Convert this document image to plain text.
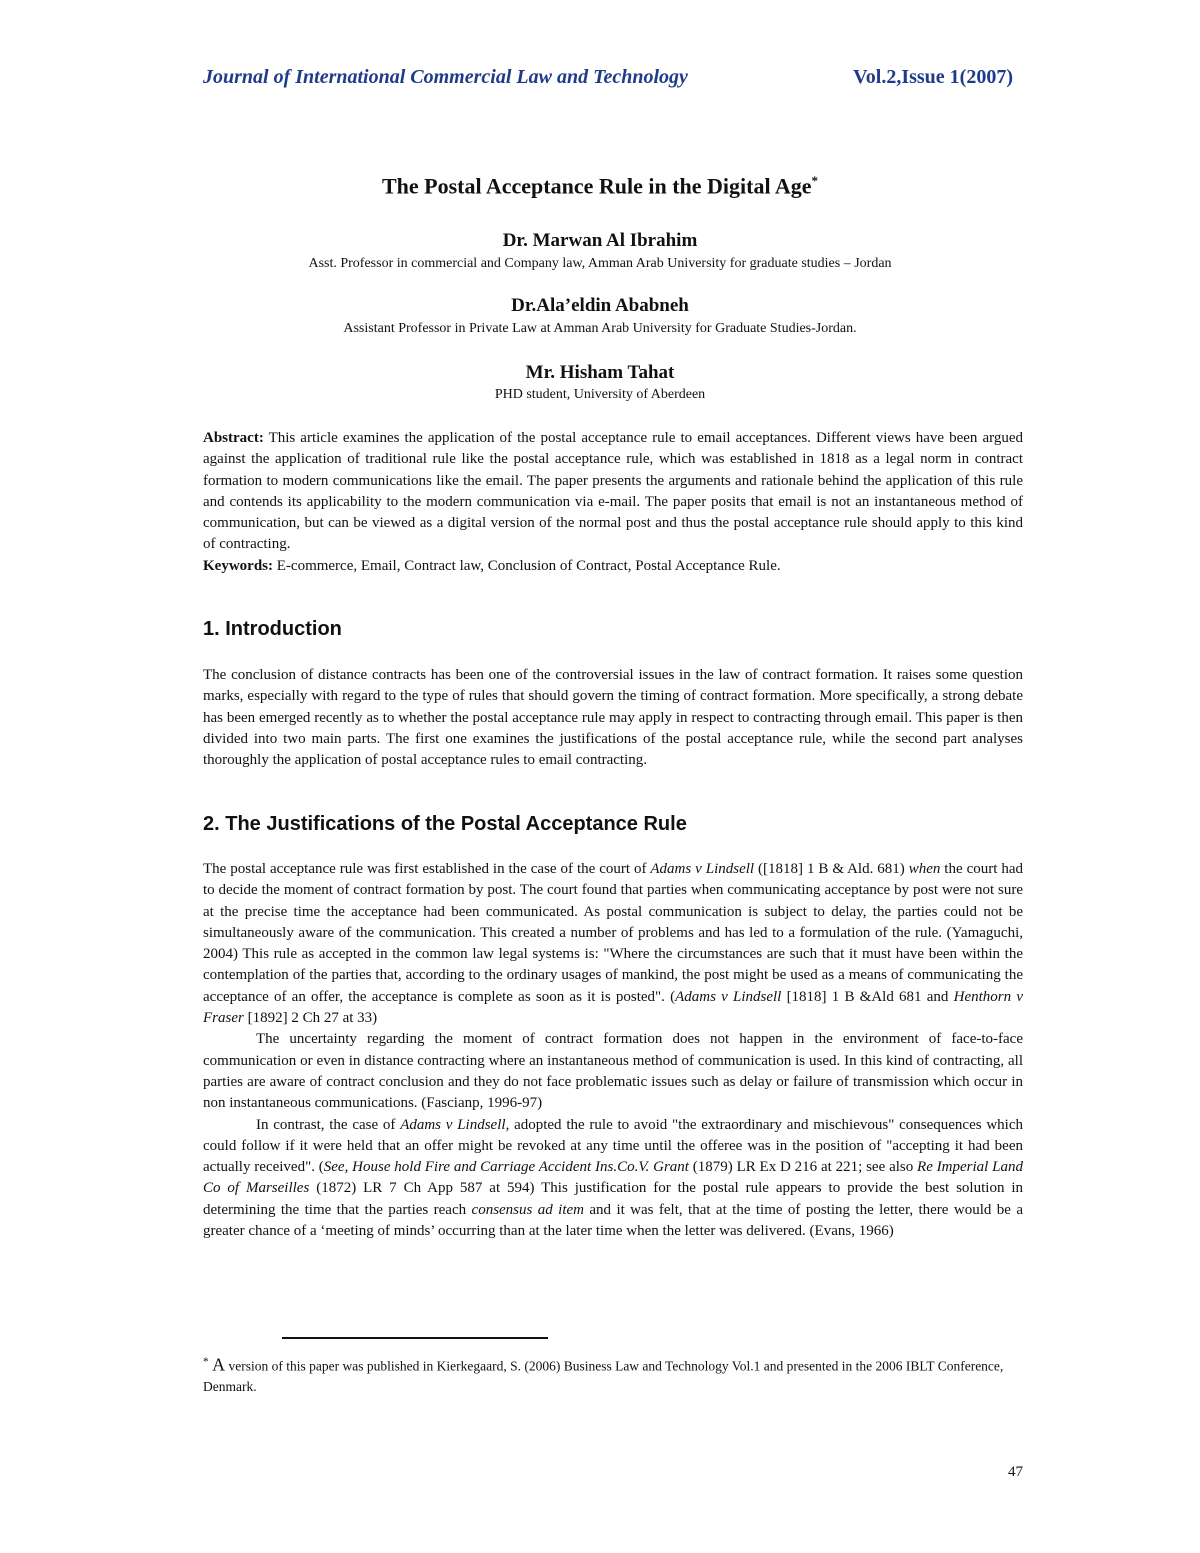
Journal of International Commercial Law and Technology	Vol.2,Issue 1(2007)
The Postal Acceptance Rule in the Digital Age*
Dr. Marwan Al Ibrahim
Asst. Professor in commercial and Company law, Amman Arab University for graduate studies – Jordan
Dr.Ala’eldin Ababneh
Assistant Professor in Private Law at Amman Arab University for Graduate Studies-Jordan.
Mr. Hisham Tahat
PHD student, University of Aberdeen

Abstract: This article examines the application of the postal acceptance rule to email acceptances. Different views have been argued against the application of traditional rule like the postal acceptance rule, which was established in 1818 as a legal norm in contract formation to modern communications like the email. The paper presents the arguments and rationale behind the application of this rule and contends its applicability to the modern communication via e-mail. The paper posits that email is not an instantaneous method of communication, but can be viewed as a digital version of the normal post and thus the postal acceptance rule should apply to this kind of contracting.

Keywords: E-commerce, Email, Contract law, Conclusion of Contract, Postal Acceptance Rule.

1. Introduction

The conclusion of distance contracts has been one of the controversial issues in the law of contract formation. It raises some question marks, especially with regard to the type of rules that should govern the timing of contract formation. More specifically, a strong debate has been emerged recently as to whether the postal acceptance rule may apply in respect to contracting through email. This paper is then divided into two main parts. The first one examines the justifications of the postal acceptance rule, while the second part analyses thoroughly the application of postal acceptance rules to email contracting.

2. The Justifications of the Postal Acceptance Rule

The postal acceptance rule was first established in the case of the court of Adams v Lindsell ([1818] 1 B & Ald. 681) when the court had to decide the moment of contract formation by post. The court found that parties when communicating acceptance by post were not sure at the precise time the acceptance had been communicated. As postal communication is subject to delay, the parties could not be simultaneously aware of the communication. This created a number of problems and has led to a formulation of the rule. (Yamaguchi, 2004) This rule as accepted in the common law legal systems is: "Where the circumstances are such that it must have been within the contemplation of the parties that, according to the ordinary usages of mankind, the post might be used as a means of communicating the acceptance of an offer, the acceptance is complete as soon as it is posted". (Adams v Lindsell [1818] 1 B &Ald 681 and Henthorn v Fraser [1892] 2 Ch 27 at 33)

The uncertainty regarding the moment of contract formation does not happen in the environment of face-to-face communication or even in distance contracting where an instantaneous method of communication is used. In this kind of contracting, all parties are aware of contract conclusion and they do not face problematic issues such as delay or failure of transmission which occur in non instantaneous communications. (Fascianp, 1996-97)

In contrast, the case of Adams v Lindsell, adopted the rule to avoid "the extraordinary and mischievous" consequences which could follow if it were held that an offer might be revoked at any time until the offeree was in the position of "accepting it had been actually received". (See, House hold Fire and Carriage Accident Ins.Co.V. Grant (1879) LR Ex D 216 at 221; see also Re Imperial Land Co of Marseilles (1872) LR 7 Ch App 587 at 594) This justification for the postal rule appears to provide the best solution in determining the time that the parties reach consensus ad item and it was felt, that at the time of posting the letter, there would be a greater chance of a ‘meeting of minds’ occurring than at the later time when the letter was delivered. (Evans, 1966)

* A version of this paper was published in Kierkegaard, S. (2006) Business Law and Technology Vol.1 and presented in the 2006 IBLT Conference, Denmark.
47
